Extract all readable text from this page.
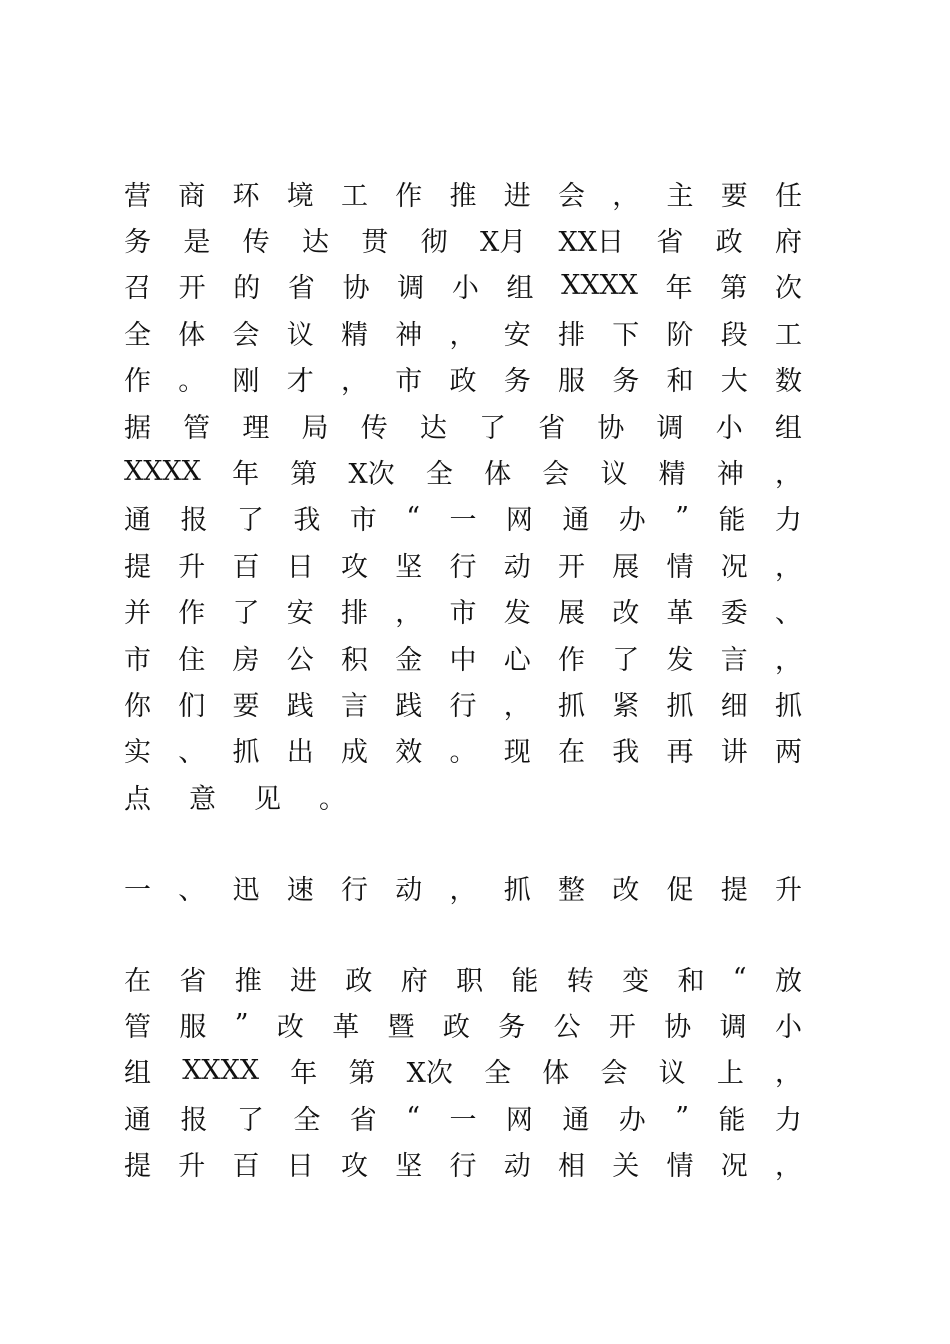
营 商 环 境 工 作 推 进 会 ， 主 要 任
务 是 传 达 贯 彻 X月 XX日 省 政 府
召 开 的 省 协 调 小 组 XXXX 年 第 次
全 体 会 议 精 神 ， 安 排 下 阶 段 工
作 。 刚 才 ， 市 政 务 服 务 和 大 数
据 管 理 局 传 达 了 省 协 调 小 组
XXXX 年 第 X次 全 体 会 议 精 神 ，
通 报 了 我 市 “ 一 网 通 办 ” 能 力
提 升 百 日 攻 坚 行 动 开 展 情 况 ，
并 作 了 安 排 ， 市 发 展 改 革 委 、
市 住 房 公 积 金 中 心 作 了 发 言 ，
你 们 要 践 言 践 行 ， 抓 紧 抓 细 抓
实 、 抓 出 成 效 。 现 在 我 再 讲 两
点 意 见 。
一 、 迅 速 行 动 ， 抓 整 改 促 提 升
在 省 推 进 政 府 职 能 转 变 和 “ 放
管 服 ” 改 革 暨 政 务 公 开 协 调 小
组 XXXX 年 第 X次 全 体 会 议 上 ，
通 报 了 全 省 “ 一 网 通 办 ” 能 力
提 升 百 日 攻 坚 行 动 相 关 情 况 ，
